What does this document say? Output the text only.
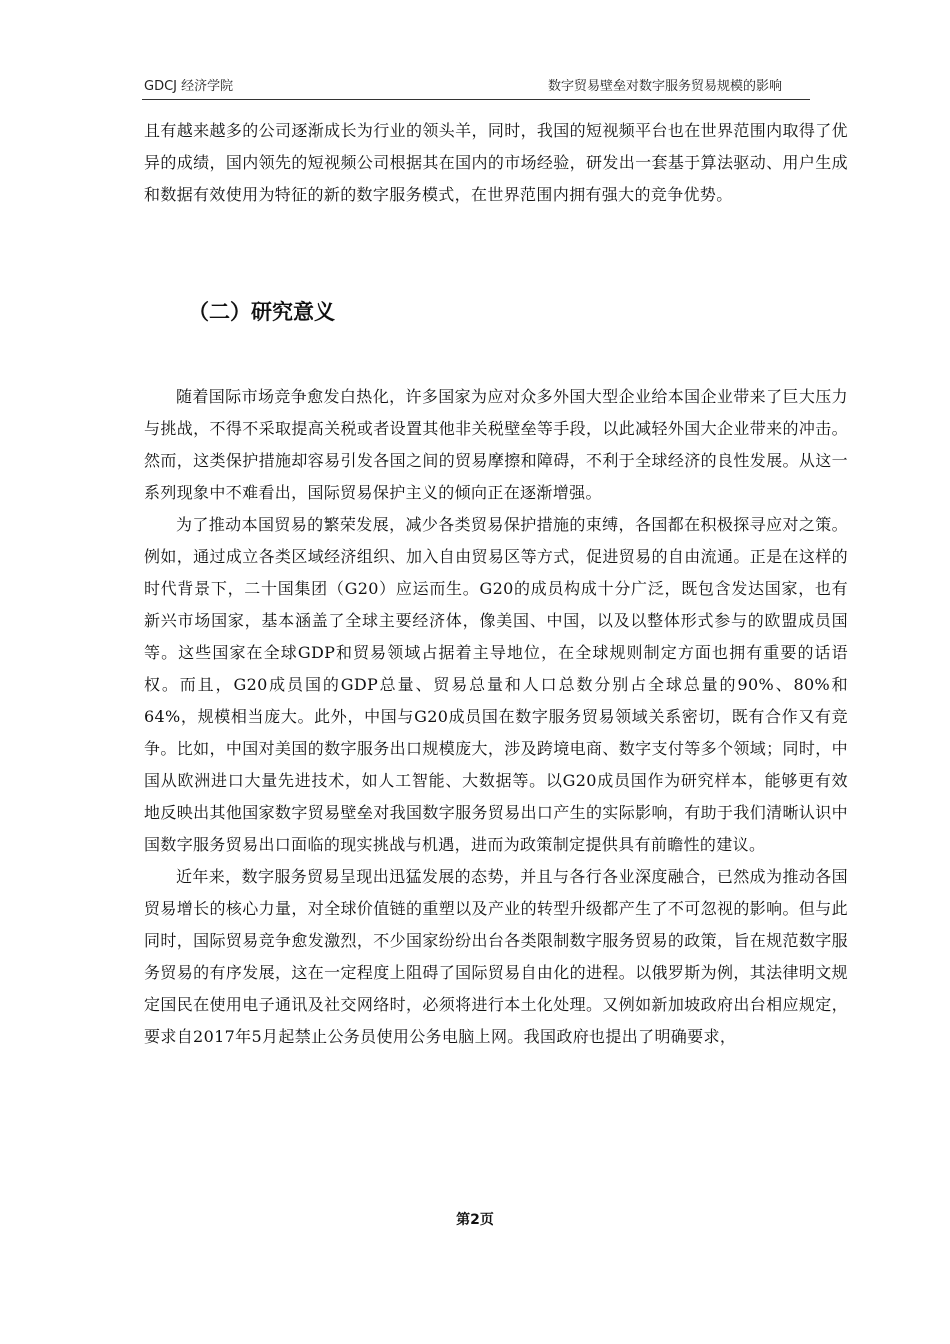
GDCJ 经济学院	数字贸易壁垒对数字服务贸易规模的影响

且有越来越多的公司逐渐成长为行业的领头羊，同时，我国的短视频平台也在世界范围内取得了优异的成绩，国内领先的短视频公司根据其在国内的市场经验，研发出一套基于算法驱动、用户生成和数据有效使用为特征的新的数字服务模式，在世界范围内拥有强大的竞争优势。

（二）研究意义

随着国际市场竞争愈发白热化，许多国家为应对众多外国大型企业给本国企业带来了巨大压力与挑战，不得不采取提高关税或者设置其他非关税壁垒等手段，以此减轻外国大企业带来的冲击。然而，这类保护措施却容易引发各国之间的贸易摩擦和障碍，不利于全球经济的良性发展。从这一系列现象中不难看出，国际贸易保护主义的倾向正在逐渐增强。

为了推动本国贸易的繁荣发展，减少各类贸易保护措施的束缚，各国都在积极探寻应对之策。例如，通过成立各类区域经济组织、加入自由贸易区等方式，促进贸易的自由流通。正是在这样的时代背景下，二十国集团（G20）应运而生。G20的成员构成十分广泛，既包含发达国家，也有新兴市场国家，基本涵盖了全球主要经济体，像美国、中国，以及以整体形式参与的欧盟成员国等。这些国家在全球GDP和贸易领域占据着主导地位，在全球规则制定方面也拥有重要的话语权。而且，G20成员国的GDP总量、贸易总量和人口总数分别占全球总量的90%、80%和64%，规模相当庞大。此外，中国与G20成员国在数字服务贸易领域关系密切，既有合作又有竞争。比如，中国对美国的数字服务出口规模庞大，涉及跨境电商、数字支付等多个领域；同时，中国从欧洲进口大量先进技术，如人工智能、大数据等。以G20成员国作为研究样本，能够更有效地反映出其他国家数字贸易壁垒对我国数字服务贸易出口产生的实际影响，有助于我们清晰认识中国数字服务贸易出口面临的现实挑战与机遇，进而为政策制定提供具有前瞻性的建议。

近年来，数字服务贸易呈现出迅猛发展的态势，并且与各行各业深度融合，已然成为推动各国贸易增长的核心力量，对全球价值链的重塑以及产业的转型升级都产生了不可忽视的影响。但与此同时，国际贸易竞争愈发激烈，不少国家纷纷出台各类限制数字服务贸易的政策，旨在规范数字服务贸易的有序发展，这在一定程度上阻碍了国际贸易自由化的进程。以俄罗斯为例，其法律明文规定国民在使用电子通讯及社交网络时，必须将进行本土化处理。又例如新加坡政府出台相应规定，要求自2017年5月起禁止公务员使用公务电脑上网。我国政府也提出了明确要求，

第2页
